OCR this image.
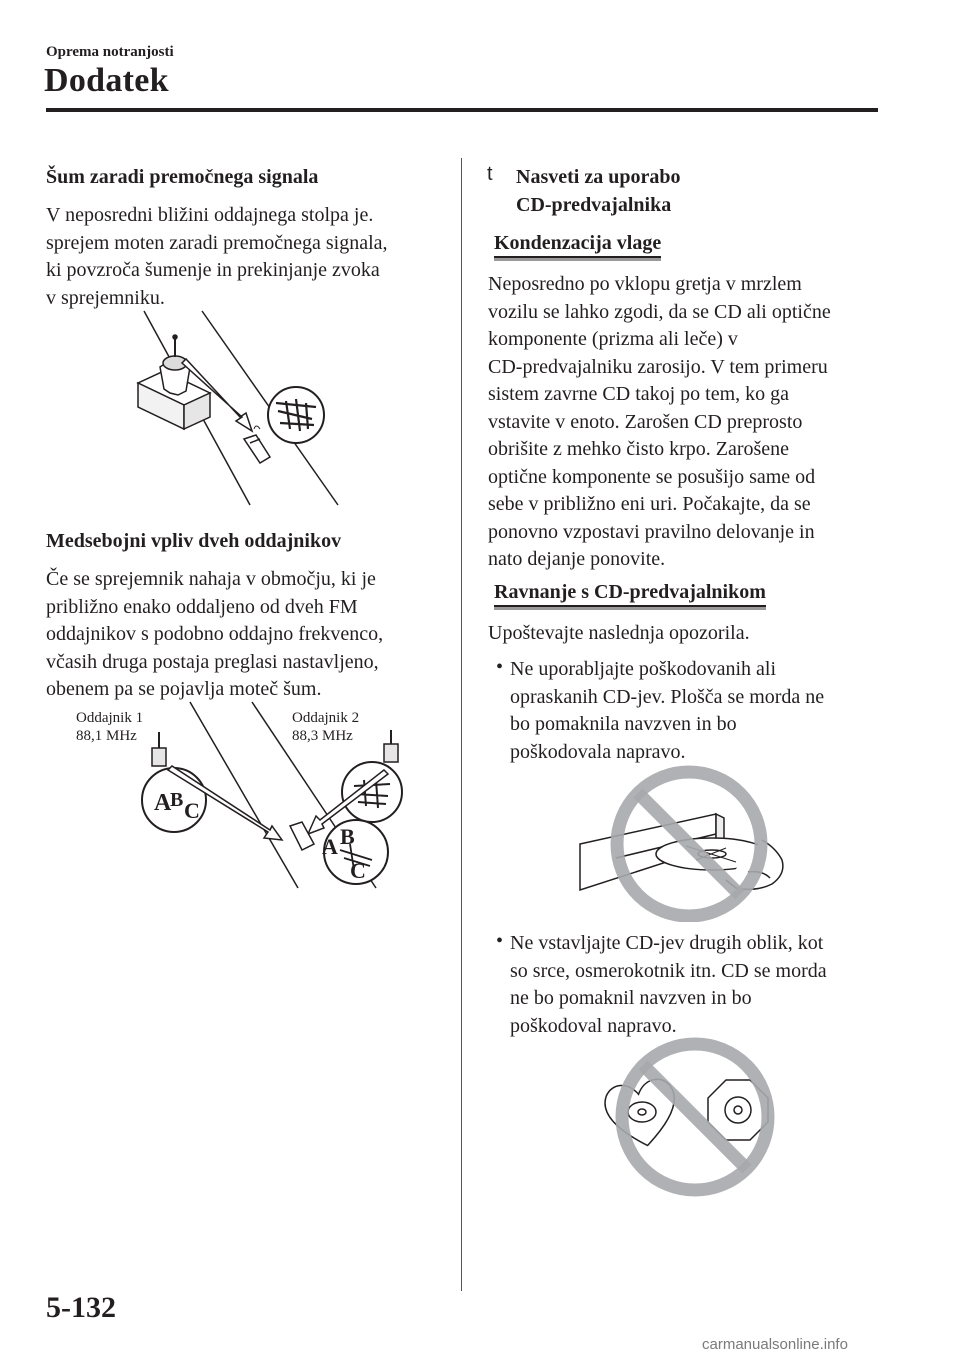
Oprema notranjosti
Dodatek
Šum zaradi premočnega signala
V neposredni bližini oddajnega stolpa je.
sprejem moten zaradi premočnega signala,
ki povzroča šumenje in prekinjanje zvoka
v sprejemniku.
Medsebojni vpliv dveh oddajnikov
Če se sprejemnik nahaja v območju, ki je
približno enako oddaljeno od dveh FM
oddajnikov s podobno oddajno frekvenco,
včasih druga postaja preglasi nastavljeno,
obenem pa se pojavlja moteč šum.
Oddajnik 1
88,1 MHz
Oddajnik 2
88,3 MHz
A
B C
A B
C
t Nasveti za uporabo
CD-predvajalnika
Kondenzacija vlage
Neposredno po vklopu gretja v mrzlem
vozilu se lahko zgodi, da se CD ali optične
komponente (prizma ali leče) v
CD-predvajalniku zarosijo. V tem primeru
sistem zavrne CD takoj po tem, ko ga
vstavite v enoto. Zarošen CD preprosto
obrišite z mehko čisto krpo. Zarošene
optične komponente se posušijo same od
sebe v približno eni uri. Počakajte, da se
ponovno vzpostavi pravilno delovanje in
nato dejanje ponovite.
Ravnanje s CD-predvajalnikom
Upoštevajte naslednja opozorila.
• Ne uporabljajte poškodovanih ali
opraskanih CD-jev. Plošča se morda ne
bo pomaknila navzven in bo
poškodovala napravo.
• Ne vstavljajte CD-jev drugih oblik, kot
so srce, osmerokotnik itn. CD se morda
ne bo pomaknil navzven in bo
poškodoval napravo.
5-132
carmanualsonline.info
